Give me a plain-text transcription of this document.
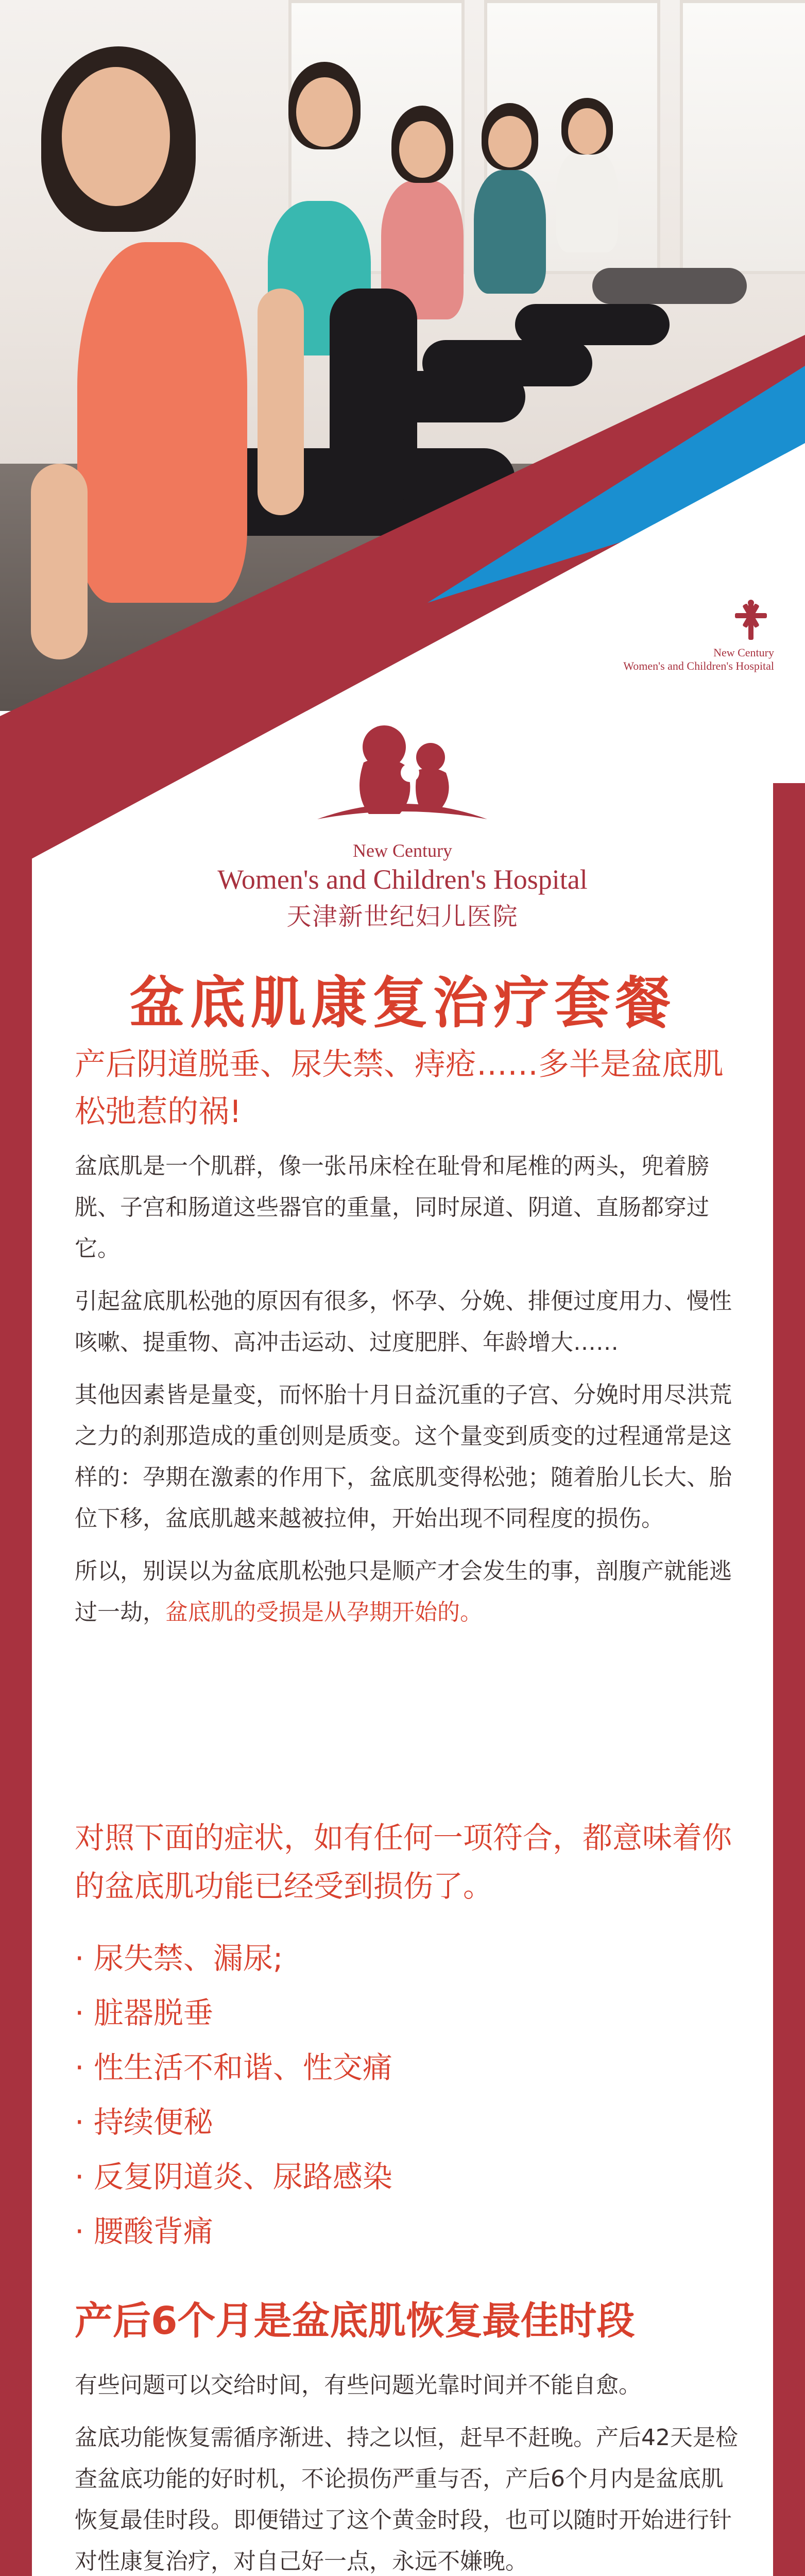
New Century
Women's and Children's Hospital
New Century
Women's and Children's Hospital
天津新世纪妇儿医院
盆底肌康复治疗套餐
产后阴道脱垂、尿失禁、痔疮……多半是盆底肌松弛惹的祸!
盆底肌是一个肌群，像一张吊床栓在耻骨和尾椎的两头，兜着膀胱、子宫和肠道这些器官的重量，同时尿道、阴道、直肠都穿过它。
引起盆底肌松弛的原因有很多，怀孕、分娩、排便过度用力、慢性咳嗽、提重物、高冲击运动、过度肥胖、年龄增大……
其他因素皆是量变，而怀胎十月日益沉重的子宫、分娩时用尽洪荒之力的刹那造成的重创则是质变。这个量变到质变的过程通常是这样的：孕期在激素的作用下，盆底肌变得松弛；随着胎儿长大、胎位下移，盆底肌越来越被拉伸，开始出现不同程度的损伤。
所以，别误以为盆底肌松弛只是顺产才会发生的事，剖腹产就能逃过一劫，盆底肌的受损是从孕期开始的。
对照下面的症状，如有任何一项符合，都意味着你的盆底肌功能已经受到损伤了。
· 尿失禁、漏尿;
· 脏器脱垂
· 性生活不和谐、性交痛
· 持续便秘
· 反复阴道炎、尿路感染
· 腰酸背痛
产后6个月是盆底肌恢复最佳时段
有些问题可以交给时间，有些问题光靠时间并不能自愈。
盆底功能恢复需循序渐进、持之以恒，赶早不赶晚。产后42天是检查盆底功能的好时机，不论损伤严重与否，产后6个月内是盆底肌恢复最佳时段。即便错过了这个黄金时段，也可以随时开始进行针对性康复治疗，对自己好一点，永远不嫌晚。
